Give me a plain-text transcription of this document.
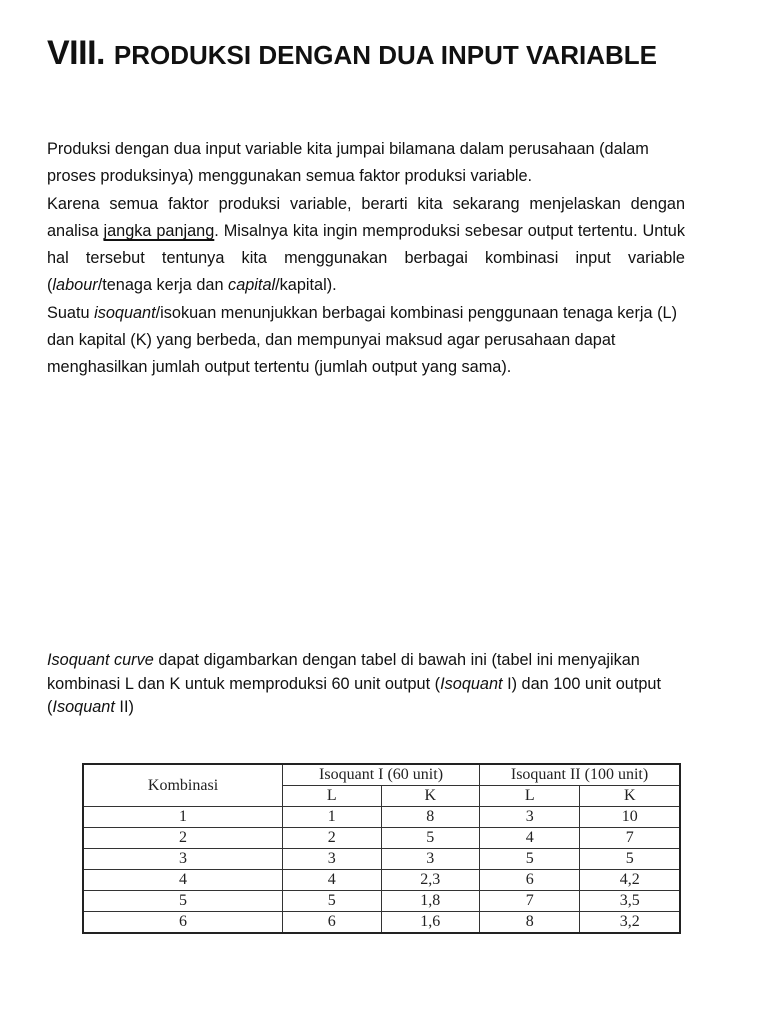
VIII. PRODUKSI DENGAN DUA INPUT VARIABLE

Produksi dengan dua input variable kita jumpai bilamana dalam perusahaan (dalam proses produksinya) menggunakan semua faktor produksi variable.

Karena semua faktor produksi variable, berarti kita sekarang menjelaskan dengan analisa jangka panjang. Misalnya kita ingin memproduksi sebesar output tertentu. Untuk hal tersebut tentunya kita menggunakan berbagai kombinasi input variable (labour/tenaga kerja dan capital/kapital).

Suatu isoquant/isokuan menunjukkan berbagai kombinasi penggunaan tenaga kerja (L) dan kapital (K) yang berbeda, dan mempunyai maksud agar perusahaan dapat menghasilkan jumlah output tertentu (jumlah output yang sama).

Isoquant curve dapat digambarkan dengan tabel di bawah ini (tabel ini menyajikan kombinasi L dan K untuk memproduksi 60 unit output (Isoquant I) dan 100 unit output (Isoquant II)

Kombinasi	Isoquant I (60 unit)		Isoquant II (100 unit)	
	L	K	L	K
1	1	8	3	10
2	2	5	4	7
3	3	3	5	5
4	4	2,3	6	4,2
5	5	1,8	7	3,5
6	6	1,6	8	3,2
